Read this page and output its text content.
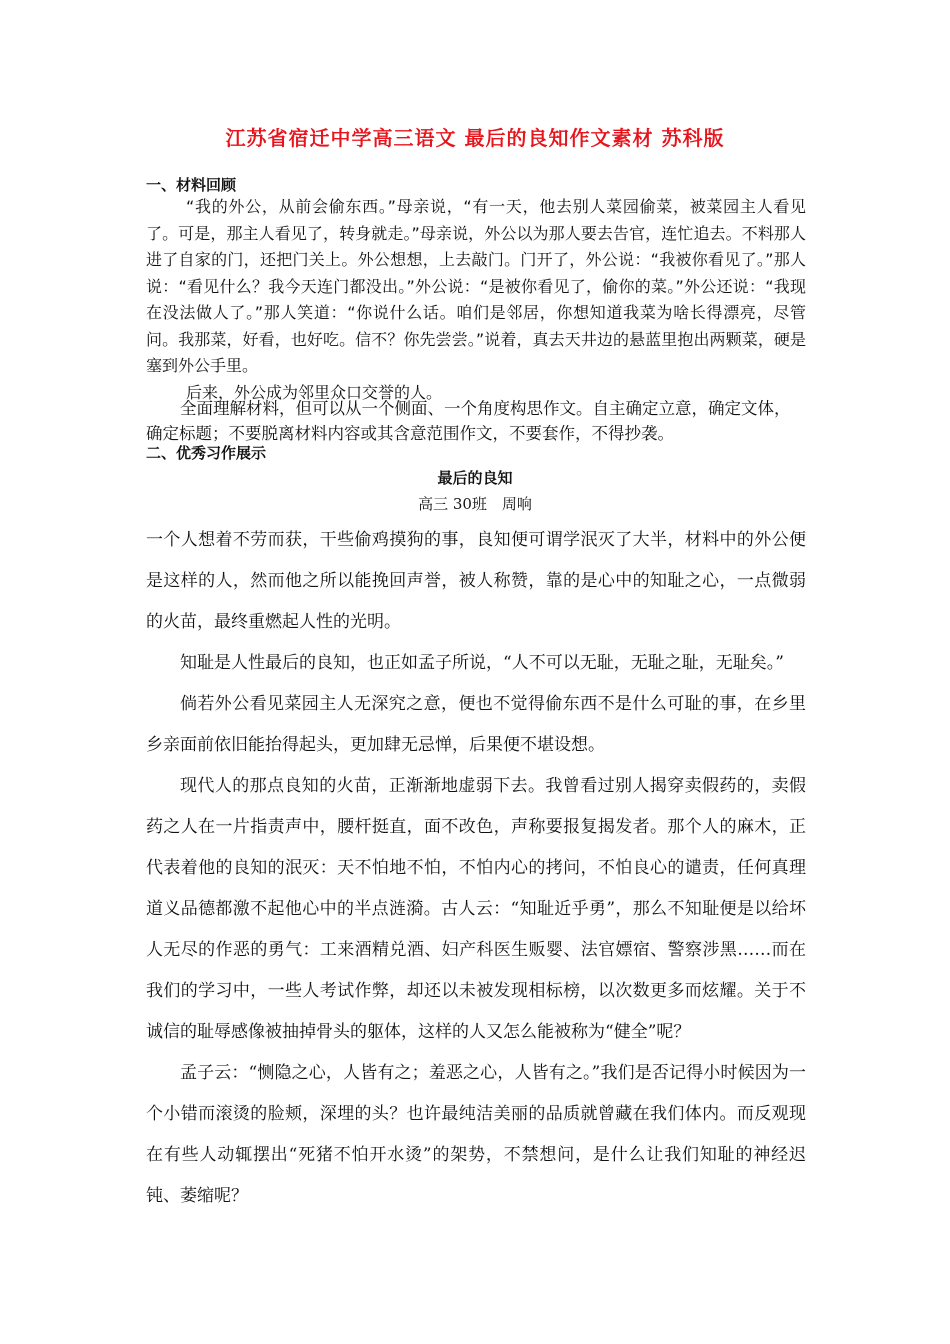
江苏省宿迁中学高三语文 最后的良知作文素材 苏科版
一、材料回顾

“我的外公，从前会偷东西。”母亲说，“有一天，他去别人菜园偷菜，被菜园主人看见了。可是，那主人看见了，转身就走。”母亲说，外公以为那人要去告官，连忙追去。不料那人进了自家的门，还把门关上。外公想想，上去敲门。门开了，外公说：“我被你看见了。”那人说：“看见什么？我今天连门都没出。”外公说：“是被你看见了，偷你的菜。”外公还说：“我现在没法做人了。”那人笑道：“你说什么话。咱们是邻居，你想知道我菜为啥长得漂亮，尽管问。我那菜，好看，也好吃。信不？你先尝尝。”说着，真去天井边的悬蓝里抱出两颗菜，硬是塞到外公手里。

后来，外公成为邻里众口交誉的人。

全面理解材料，但可以从一个侧面、一个角度构思作文。自主确定立意，确定文体，确定标题；不要脱离材料内容或其含意范围作文，不要套作，不得抄袭。

二、优秀习作展示
最后的良知
高三 30班　周响

一个人想着不劳而获，干些偷鸡摸狗的事，良知便可谓学泯灭了大半，材料中的外公便是这样的人，然而他之所以能挽回声誉，被人称赞，靠的是心中的知耻之心，一点微弱的火苗，最终重燃起人性的光明。

知耻是人性最后的良知，也正如孟子所说，“人不可以无耻，无耻之耻，无耻矣。”

倘若外公看见菜园主人无深究之意，便也不觉得偷东西不是什么可耻的事，在乡里乡亲面前依旧能抬得起头，更加肆无忌惮，后果便不堪设想。

现代人的那点良知的火苗，正渐渐地虚弱下去。我曾看过别人揭穿卖假药的，卖假药之人在一片指责声中，腰杆挺直，面不改色，声称要报复揭发者。那个人的麻木，正代表着他的良知的泯灭：天不怕地不怕，不怕内心的拷问，不怕良心的谴责，任何真理道义品德都激不起他心中的半点涟漪。古人云：“知耻近乎勇”，那么不知耻便是以给坏人无尽的作恶的勇气：工来酒精兑酒、妇产科医生贩婴、法官嫖宿、警察涉黑……而在我们的学习中，一些人考试作弊，却还以未被发现相标榜，以次数更多而炫耀。关于不诚信的耻辱感像被抽掉骨头的躯体，这样的人又怎么能被称为“健全”呢？

孟子云：“恻隐之心，人皆有之；羞恶之心，人皆有之。”我们是否记得小时候因为一个小错而滚烫的脸颊，深埋的头？也许最纯洁美丽的品质就曾藏在我们体内。而反观现在有些人动辄摆出“死猪不怕开水烫”的架势，不禁想问，是什么让我们知耻的神经迟钝、萎缩呢？
